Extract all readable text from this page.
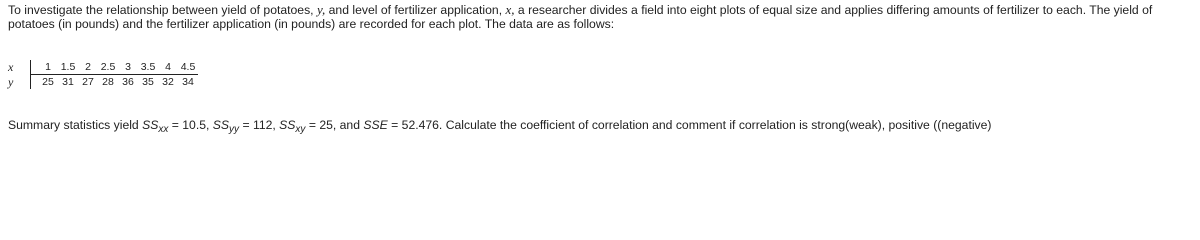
To investigate the relationship between yield of potatoes, y, and level of fertilizer application, x, a researcher divides a field into eight plots of equal size and applies differing amounts of fertilizer to each. The yield of potatoes (in pounds) and the fertilizer application (in pounds) are recorded for each plot. The data are as follows:

x	1	1.5	2	2.5	3	3.5	4	4.5
y	25	31	27	28	36	35	32	34

Summary statistics yield $SS_{xx} = 10.5$, $SS_{yy} = 112$, $SS_{xy} = 25$, and SSE = 52.476. Calculate the coefficient of correlation and comment if correlation is strong(weak), positive ((negative)
